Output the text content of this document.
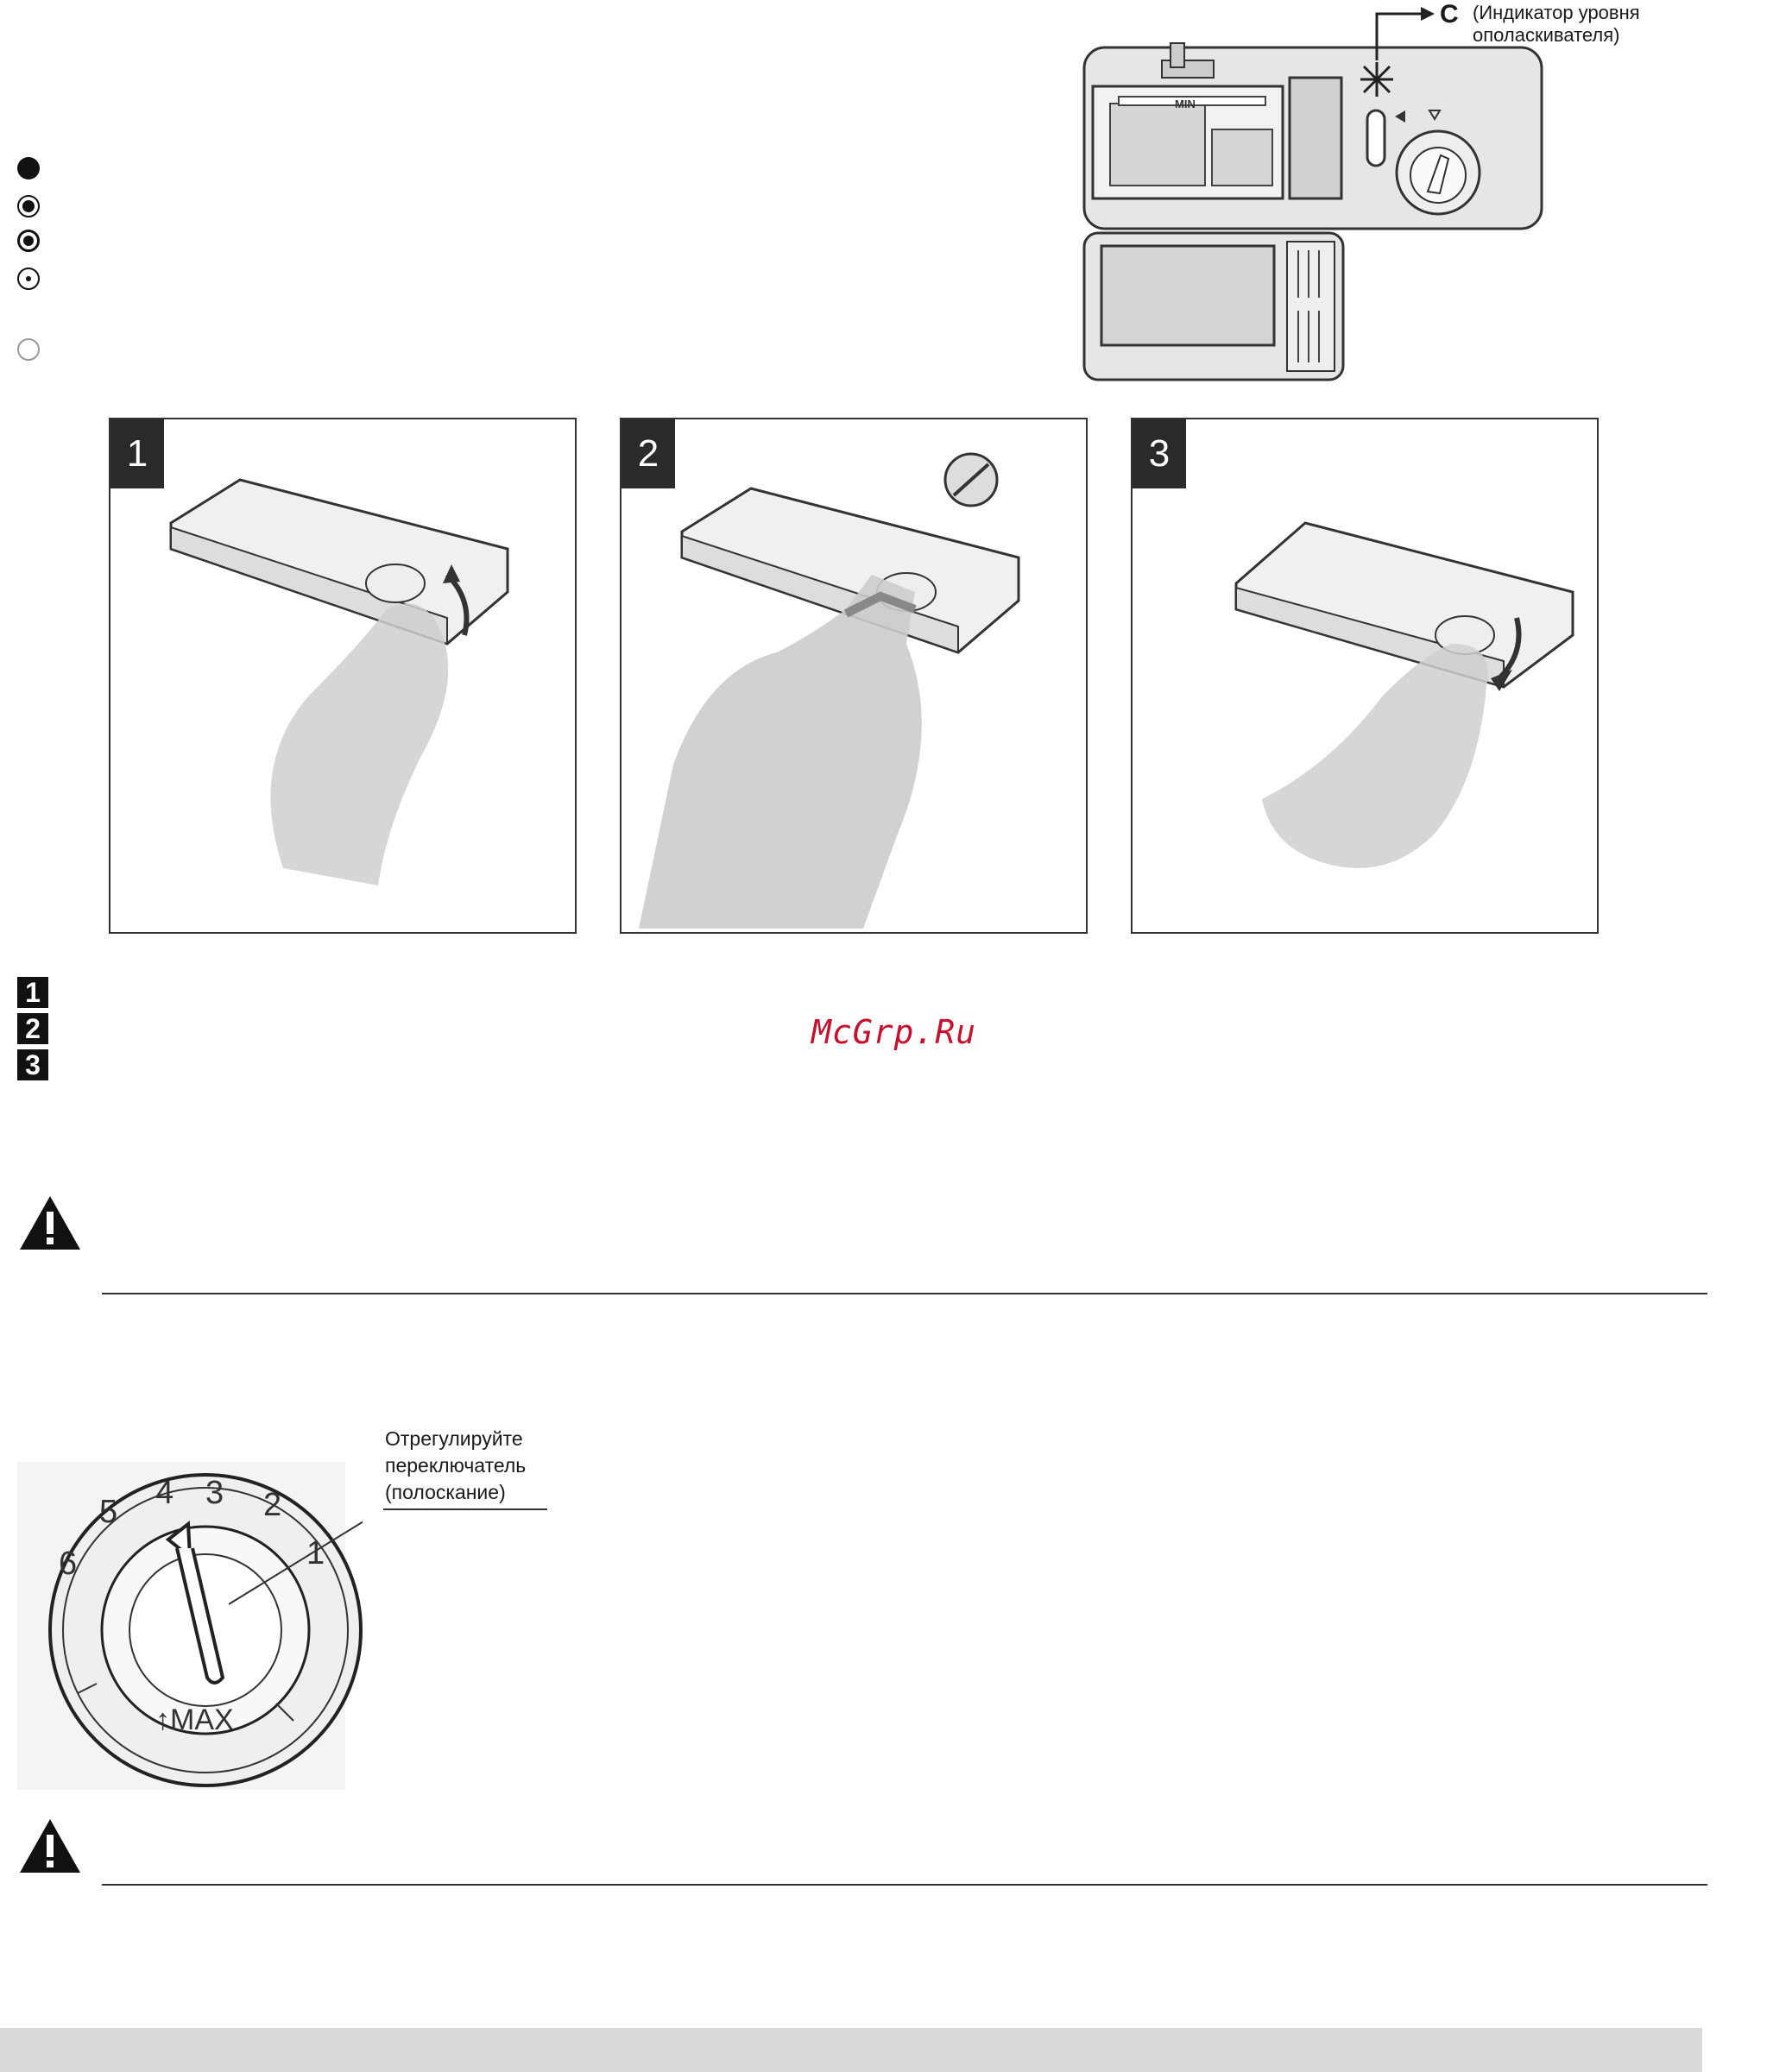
MIN
C (Индикатор уровня
ополаскивателя)
1	2	3
1
2
3
McGrp.Ru
1
2
3
4
5
6
↑MAX
Отрегулируйте
переключатель
(полоскание)
